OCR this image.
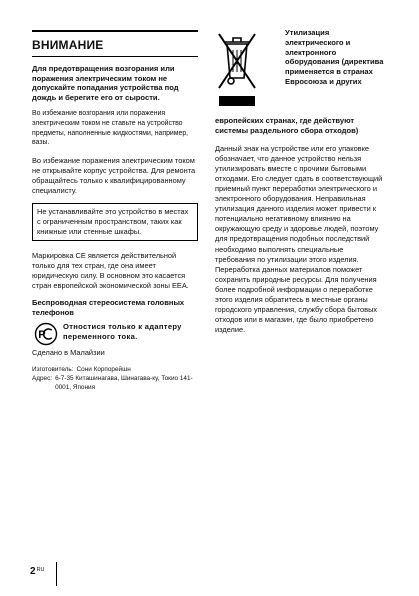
ВНИМАНИЕ

Для предотвращения возгорания или поражения электрическим током не допускайте попадания устройства под дождь и берегите его от сырости.

Во избежание возгорания или поражения электрическим током не ставьте на устройство предметы, наполненные жидкостями, например, вазы.

Во избежание поражения электрическим током не открывайте корпус устройства. Для ремонта обращайтесь только к квалифицированному специалисту.

Не устанавливайте это устройство в местах с ограниченным пространством, таких как книжные или стенные шкафы.

Маркировка CE является действительной только для тех стран, где она имеет юридическую силу. В основном это касается стран европейской экономической зоны EEA.

Беспроводная стереосистема головных телефонов
P
Отностися только к адаптеру переменного тока.

Сделано в Малайзии

Изготовитель: Сони Корпорейшн
Адрес: 6-7-35 Киташинагава, Шинагава-ку, Токио 141-0001, Япония
Утилизация электрического и электронного оборудования (директива применяется в странах Евросоюза и других

европейских странах, где действуют системы раздельного сбора отходов)

Данный знак на устройстве или его упаковке обозначает, что данное устройство нельзя утилизировать вместе с прочими бытовыми отходами. Его следует сдать в соответствующий приемный пункт переработки электрического и электронного оборудования. Неправильная утилизация данного изделия может привести к потенциально негативному влиянию на окружающую среду и здоровье людей, поэтому для предотвращения подобных последствий необходимо выполнять специальные требования по утилизации этого изделия. Переработка данных материалов поможет сохранить природные ресурсы. Для получения более подробной информации о переработке этого изделия обратитесь в местные органы городского управления, службу сбора бытовых отходов или в магазин, где было приобретено изделие.

$2^{RU}$
